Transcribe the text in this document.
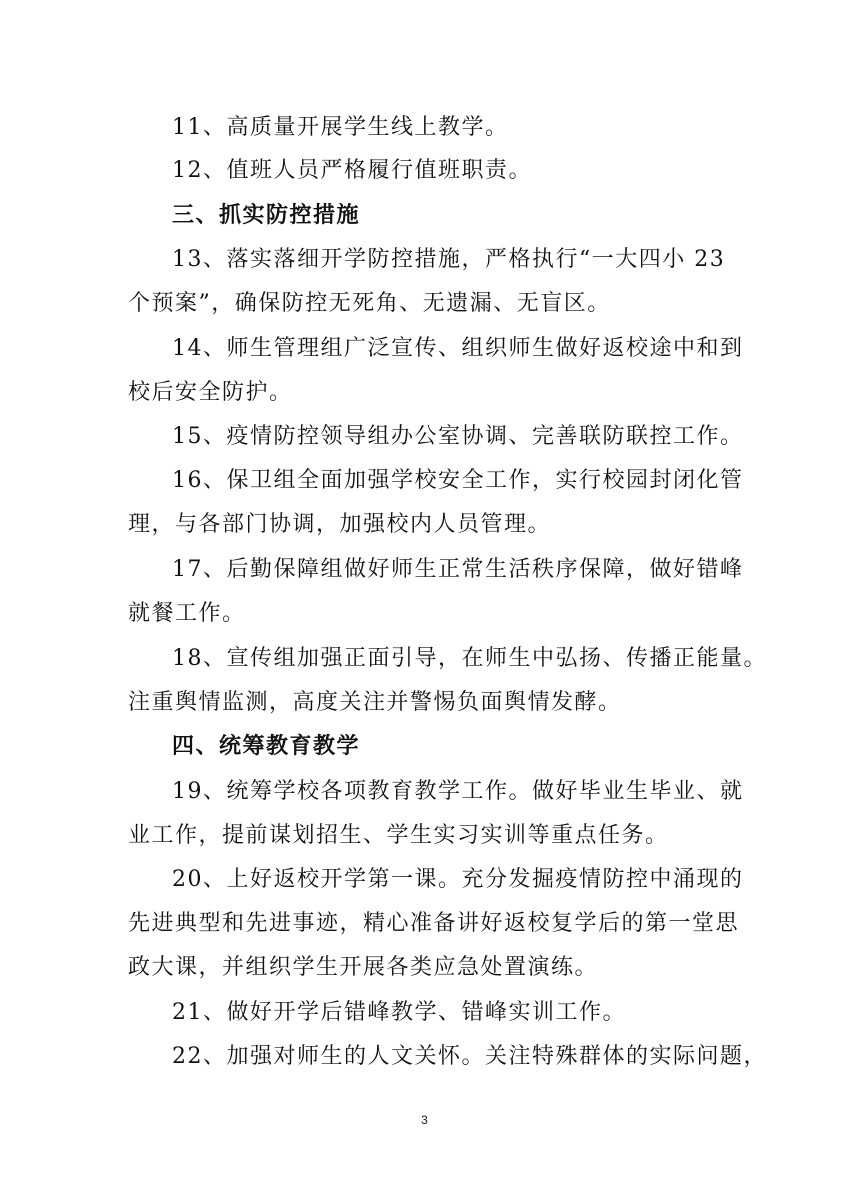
11、高质量开展学生线上教学。
12、值班人员严格履行值班职责。
三、抓实防控措施
13、落实落细开学防控措施，严格执行“一大四小 23
个预案”，确保防控无死角、无遗漏、无盲区。
14、师生管理组广泛宣传、组织师生做好返校途中和到
校后安全防护。
15、疫情防控领导组办公室协调、完善联防联控工作。
16、保卫组全面加强学校安全工作，实行校园封闭化管
理，与各部门协调，加强校内人员管理。
17、后勤保障组做好师生正常生活秩序保障，做好错峰
就餐工作。
18、宣传组加强正面引导，在师生中弘扬、传播正能量。
注重舆情监测，高度关注并警惕负面舆情发酵。
四、统筹教育教学
19、统筹学校各项教育教学工作。做好毕业生毕业、就
业工作，提前谋划招生、学生实习实训等重点任务。
20、上好返校开学第一课。充分发掘疫情防控中涌现的
先进典型和先进事迹，精心准备讲好返校复学后的第一堂思
政大课，并组织学生开展各类应急处置演练。
21、做好开学后错峰教学、错峰实训工作。
22、加强对师生的人文关怀。关注特殊群体的实际问题，
3
